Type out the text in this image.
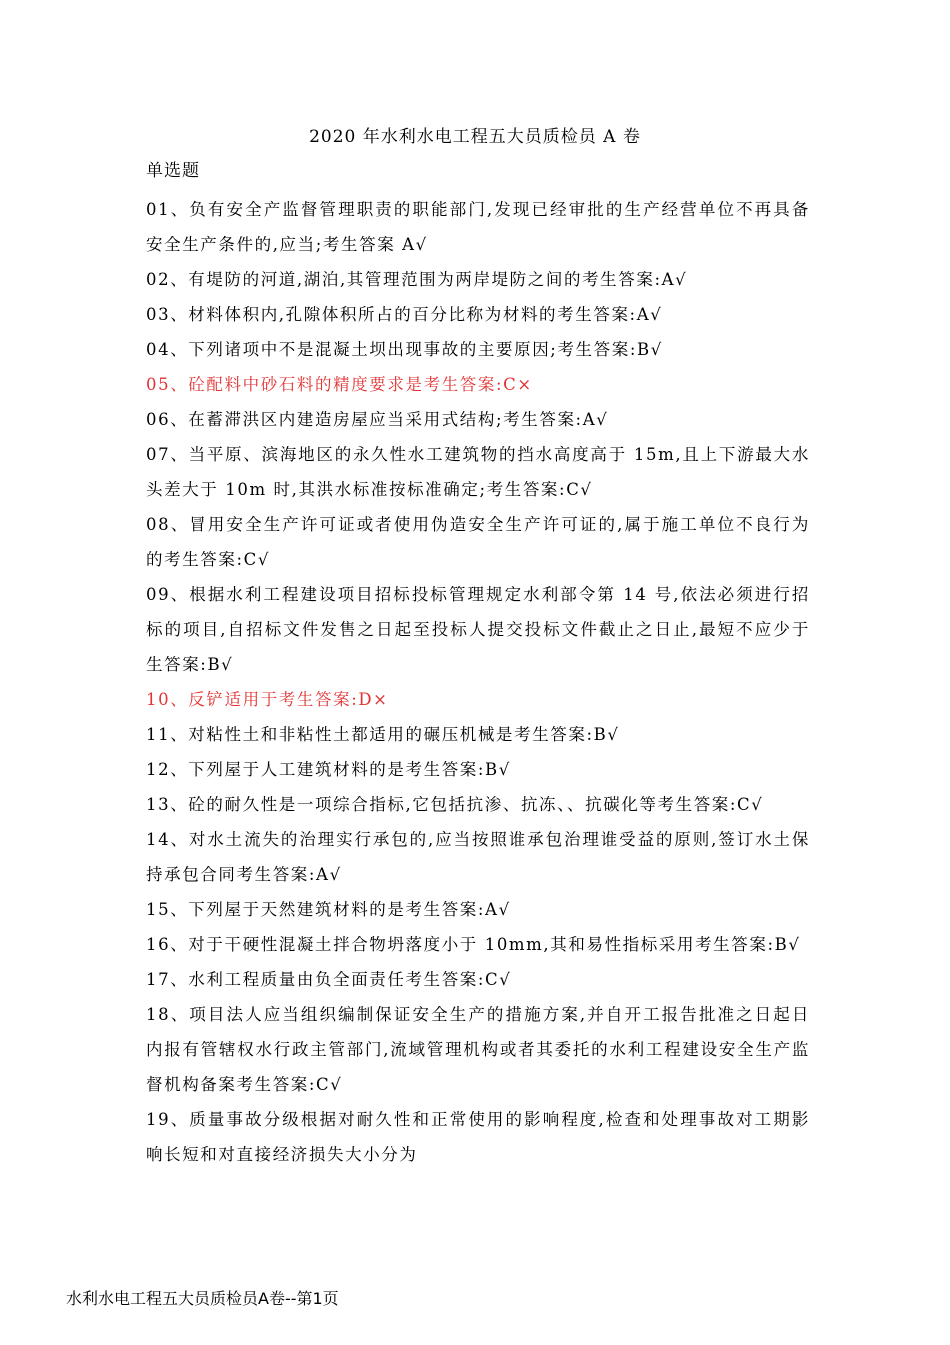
2020 年水利水电工程五大员质检员 A 卷
单选题

01、负有安全产监督管理职责的职能部门,发现已经审批的生产经营单位不再具备安全生产条件的,应当;考生答案 A√

02、有堤防的河道,湖泊,其管理范围为两岸堤防之间的考生答案:A√

03、材料体积内,孔隙体积所占的百分比称为材料的考生答案:A√

04、下列诸项中不是混凝土坝出现事故的主要原因;考生答案:B√

05、砼配料中砂石料的精度要求是考生答案:C×

06、在蓄滞洪区内建造房屋应当采用式结构;考生答案:A√

07、当平原、滨海地区的永久性水工建筑物的挡水高度高于 15m,且上下游最大水头差大于 10m 时,其洪水标准按标准确定;考生答案:C√

08、冒用安全生产许可证或者使用伪造安全生产许可证的,属于施工单位不良行为的考生答案:C√

09、根据水利工程建设项目招标投标管理规定水利部令第 14 号,依法必须进行招标的项目,自招标文件发售之日起至投标人提交投标文件截止之日止,最短不应少于生答案:B√

10、反铲适用于考生答案:D×

11、对粘性土和非粘性土都适用的碾压机械是考生答案:B√

12、下列屋于人工建筑材料的是考生答案:B√

13、砼的耐久性是一项综合指标,它包括抗渗、抗冻、、抗碳化等考生答案:C√

14、对水土流失的治理实行承包的,应当按照谁承包治理谁受益的原则,签订水土保持承包合同考生答案:A√

15、下列屋于天然建筑材料的是考生答案:A√

16、对于干硬性混凝土拌合物坍落度小于 10mm,其和易性指标采用考生答案:B√

17、水利工程质量由负全面责任考生答案:C√

18、项目法人应当组织编制保证安全生产的措施方案,并自开工报告批准之日起日内报有管辖权水行政主管部门,流域管理机构或者其委托的水利工程建设安全生产监督机构备案考生答案:C√

19、质量事故分级根据对耐久性和正常使用的影响程度,检查和处理事故对工期影响长短和对直接经济损失大小分为

水利水电工程五大员质检员A卷--第1页
